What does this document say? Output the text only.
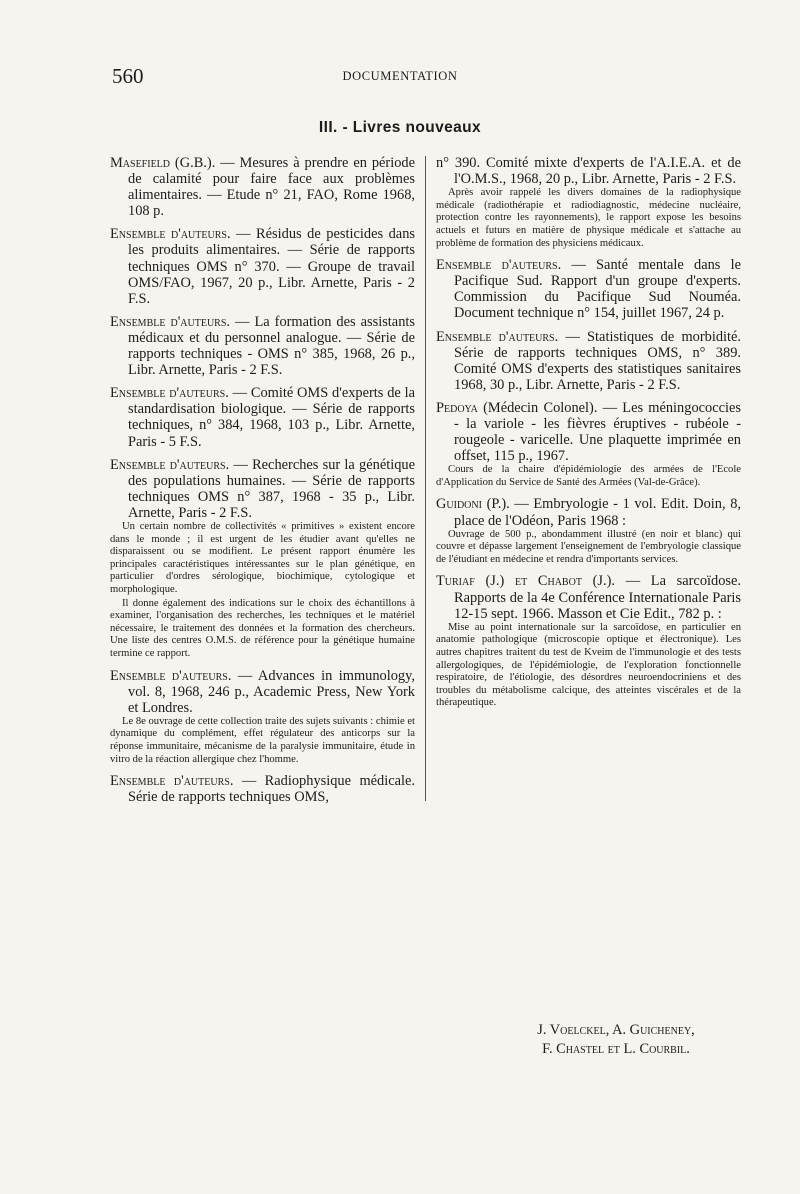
560	DOCUMENTATION
III. - Livres nouveaux
Masefield (G.B.). — Mesures à prendre en période de calamité pour faire face aux problèmes alimentaires. — Etude n° 21, FAO, Rome 1968, 108 p.
Ensemble d'auteurs. — Résidus de pesticides dans les produits alimentaires. — Série de rapports techniques OMS n° 370. — Groupe de travail OMS/FAO, 1967, 20 p., Libr. Arnette, Paris - 2 F.S.
Ensemble d'auteurs. — La formation des assistants médicaux et du personnel analogue. — Série de rapports techniques - OMS n° 385, 1968, 26 p., Libr. Arnette, Paris - 2 F.S.
Ensemble d'auteurs. — Comité OMS d'experts de la standardisation biologique. — Série de rapports techniques, n° 384, 1968, 103 p., Libr. Arnette, Paris - 5 F.S.
Ensemble d'auteurs. — Recherches sur la génétique des populations humaines. — Série de rapports techniques OMS n° 387, 1968 - 35 p., Libr. Arnette, Paris - 2 F.S.
Un certain nombre de collectivités « primitives » existent encore dans le monde ; il est urgent de les étudier avant qu'elles ne disparaissent ou se modifient. Le présent rapport énumère les principales caractéristiques intéressantes sur le plan génétique, en particulier d'ordres sérologique, biochimique, cytologique et morphologique.
Il donne également des indications sur le choix des échantillons à examiner, l'organisation des recherches, les techniques et le matériel nécessaire, le traitement des données et la formation des chercheurs. Une liste des centres O.M.S. de référence pour la génétique humaine termine ce rapport.
Ensemble d'auteurs. — Advances in immunology, vol. 8, 1968, 246 p., Academic Press, New York et Londres.
Le 8e ouvrage de cette collection traite des sujets suivants : chimie et dynamique du complément, effet régulateur des anticorps sur la réponse immunitaire, mécanisme de la paralysie immunitaire, étude in vitro de la réaction allergique chez l'homme.
Ensemble d'auteurs. — Radiophysique médicale. Série de rapports techniques OMS,
n° 390. Comité mixte d'experts de l'A.I.E.A. et de l'O.M.S., 1968, 20 p., Libr. Arnette, Paris - 2 F.S.
Après avoir rappelé les divers domaines de la radiophysique médicale (radiothérapie et radiodiagnostic, médecine nucléaire, protection contre les rayonnements), le rapport expose les besoins actuels et futurs en matière de physique médicale et s'attache au problème de formation des physiciens médicaux.
Ensemble d'auteurs. — Santé mentale dans le Pacifique Sud. Rapport d'un groupe d'experts. Commission du Pacifique Sud Nouméa. Document technique n° 154, juillet 1967, 24 p.
Ensemble d'auteurs. — Statistiques de morbidité. Série de rapports techniques OMS, n° 389. Comité OMS d'experts des statistiques sanitaires 1968, 30 p., Libr. Arnette, Paris - 2 F.S.
Pedoya (Médecin Colonel). — Les méningococcies - la variole - les fièvres éruptives - rubéole - rougeole - varicelle. Une plaquette imprimée en offset, 115 p., 1967.
Cours de la chaire d'épidémiologie des armées de l'Ecole d'Application du Service de Santé des Armées (Val-de-Grâce).
Guidoni (P.). — Embryologie - 1 vol. Edit. Doin, 8, place de l'Odéon, Paris 1968 :
Ouvrage de 500 p., abondamment illustré (en noir et blanc) qui couvre et dépasse largement l'enseignement de l'embryologie classique de l'étudiant en médecine et rendra d'importants services.
Turiaf (J.) et Chabot (J.). — La sarcoïdose. Rapports de la 4e Conférence Internationale Paris 12-15 sept. 1966. Masson et Cie Edit., 782 p. :
Mise au point internationale sur la sarcoïdose, en particulier en anatomie pathologique (microscopie optique et électronique). Les autres chapitres traitent du test de Kveim de l'immunologie et des tests allergologiques, de l'épidémiologie, de l'exploration fonctionnelle respiratoire, de l'étiologie, des désordres neuroendocriniens et des troubles du métabolisme calcique, des atteintes viscérales et de la thérapeutique.
J. Voelckel, A. Guicheney,
F. Chastel et L. Courbil.
